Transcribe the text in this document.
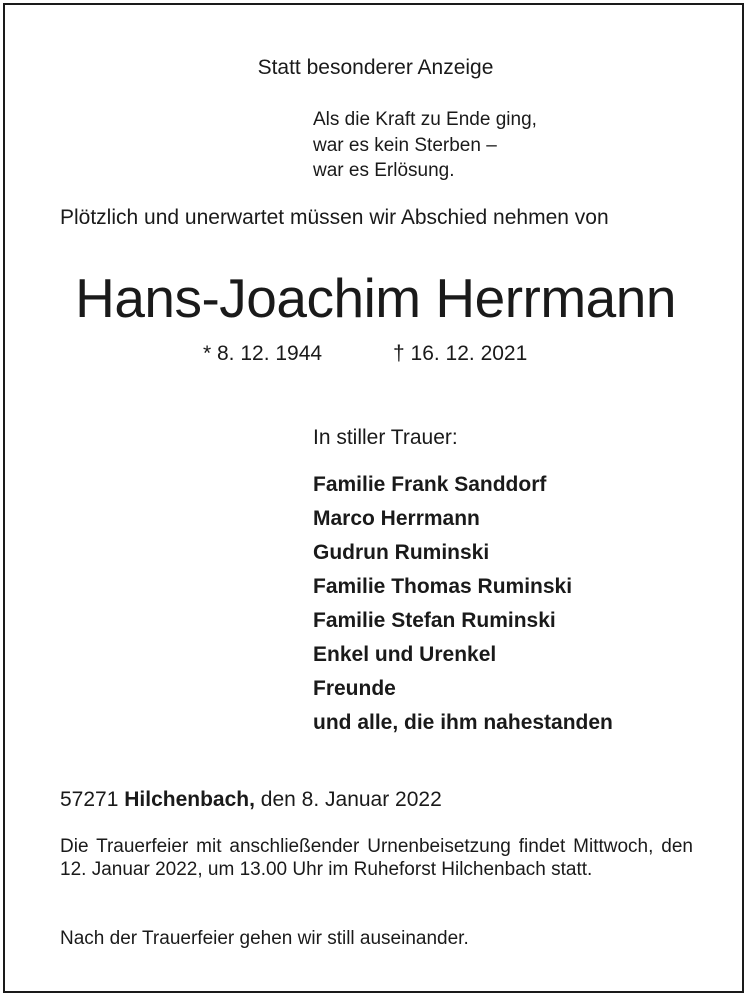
Statt besonderer Anzeige
Als die Kraft zu Ende ging,
war es kein Sterben –
war es Erlösung.
Plötzlich und unerwartet müssen wir Abschied nehmen von
Hans-Joachim Herrmann
* 8. 12. 1944	† 16. 12. 2021
In stiller Trauer:
Familie Frank Sanddorf
Marco Herrmann
Gudrun Ruminski
Familie Thomas Ruminski
Familie Stefan Ruminski
Enkel und Urenkel
Freunde
und alle, die ihm nahestanden
57271 Hilchenbach, den 8. Januar 2022
Die Trauerfeier mit anschließender Urnenbeisetzung findet Mittwoch, den 12. Januar 2022, um 13.00 Uhr im Ruheforst Hilchenbach statt.
Nach der Trauerfeier gehen wir still auseinander.
